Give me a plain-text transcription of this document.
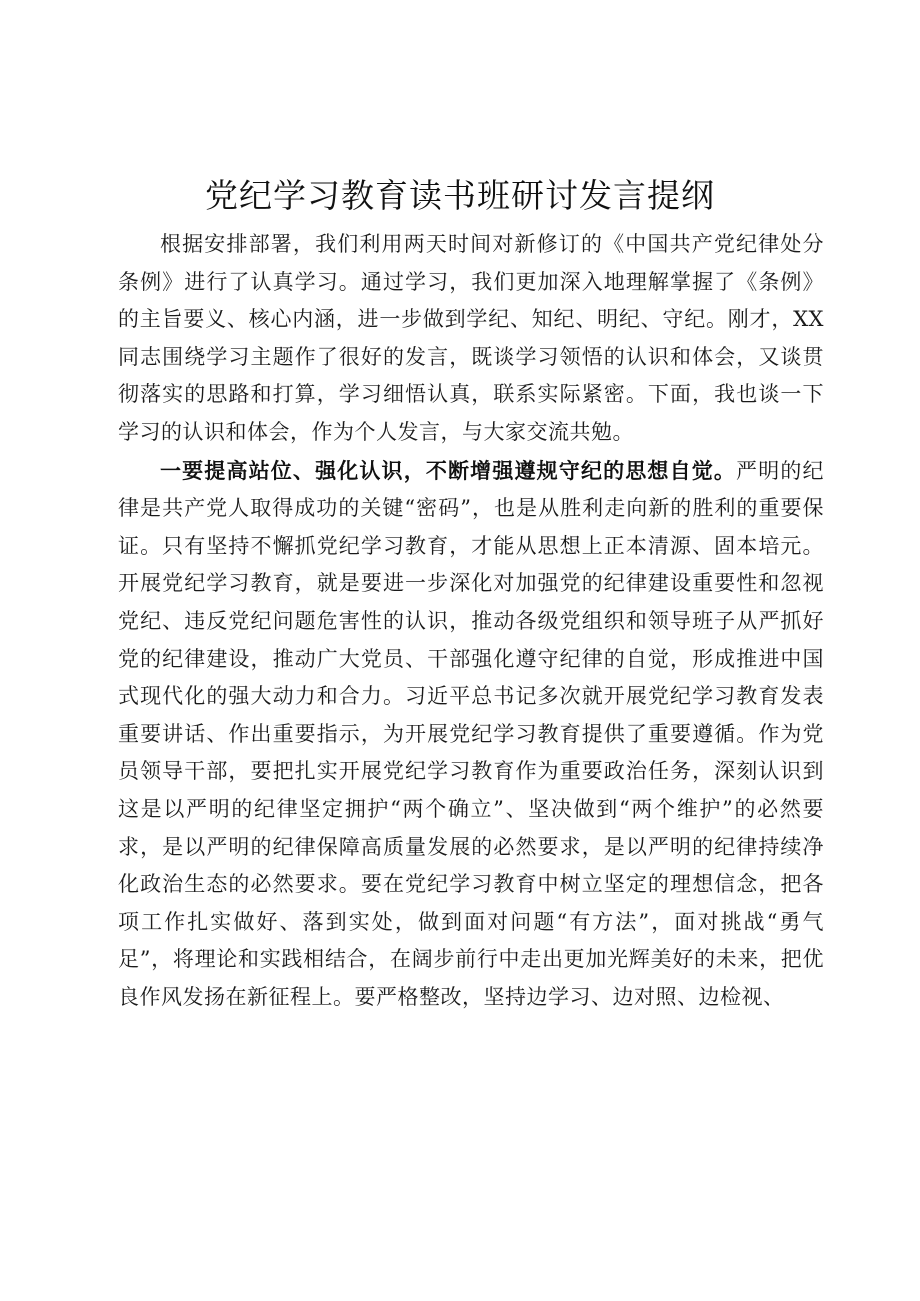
党纪学习教育读书班研讨发言提纲

根据安排部署，我们利用两天时间对新修订的《中国共产党纪律处分条例》进行了认真学习。通过学习，我们更加深入地理解掌握了《条例》的主旨要义、核心内涵，进一步做到学纪、知纪、明纪、守纪。刚才，XX同志围绕学习主题作了很好的发言，既谈学习领悟的认识和体会，又谈贯彻落实的思路和打算，学习细悟认真，联系实际紧密。下面，我也谈一下学习的认识和体会，作为个人发言，与大家交流共勉。

一要提高站位、强化认识，不断增强遵规守纪的思想自觉。严明的纪律是共产党人取得成功的关键“密码”，也是从胜利走向新的胜利的重要保证。只有坚持不懈抓党纪学习教育，才能从思想上正本清源、固本培元。开展党纪学习教育，就是要进一步深化对加强党的纪律建设重要性和忽视党纪、违反党纪问题危害性的认识，推动各级党组织和领导班子从严抓好党的纪律建设，推动广大党员、干部强化遵守纪律的自觉，形成推进中国式现代化的强大动力和合力。习近平总书记多次就开展党纪学习教育发表重要讲话、作出重要指示，为开展党纪学习教育提供了重要遵循。作为党员领导干部，要把扎实开展党纪学习教育作为重要政治任务，深刻认识到这是以严明的纪律坚定拥护“两个确立”、坚决做到“两个维护”的必然要求，是以严明的纪律保障高质量发展的必然要求，是以严明的纪律持续净化政治生态的必然要求。要在党纪学习教育中树立坚定的理想信念，把各项工作扎实做好、落到实处，做到面对问题“有方法”，面对挑战“勇气足”，将理论和实践相结合，在阔步前行中走出更加光辉美好的未来，把优良作风发扬在新征程上。要严格整改，坚持边学习、边对照、边检视、
